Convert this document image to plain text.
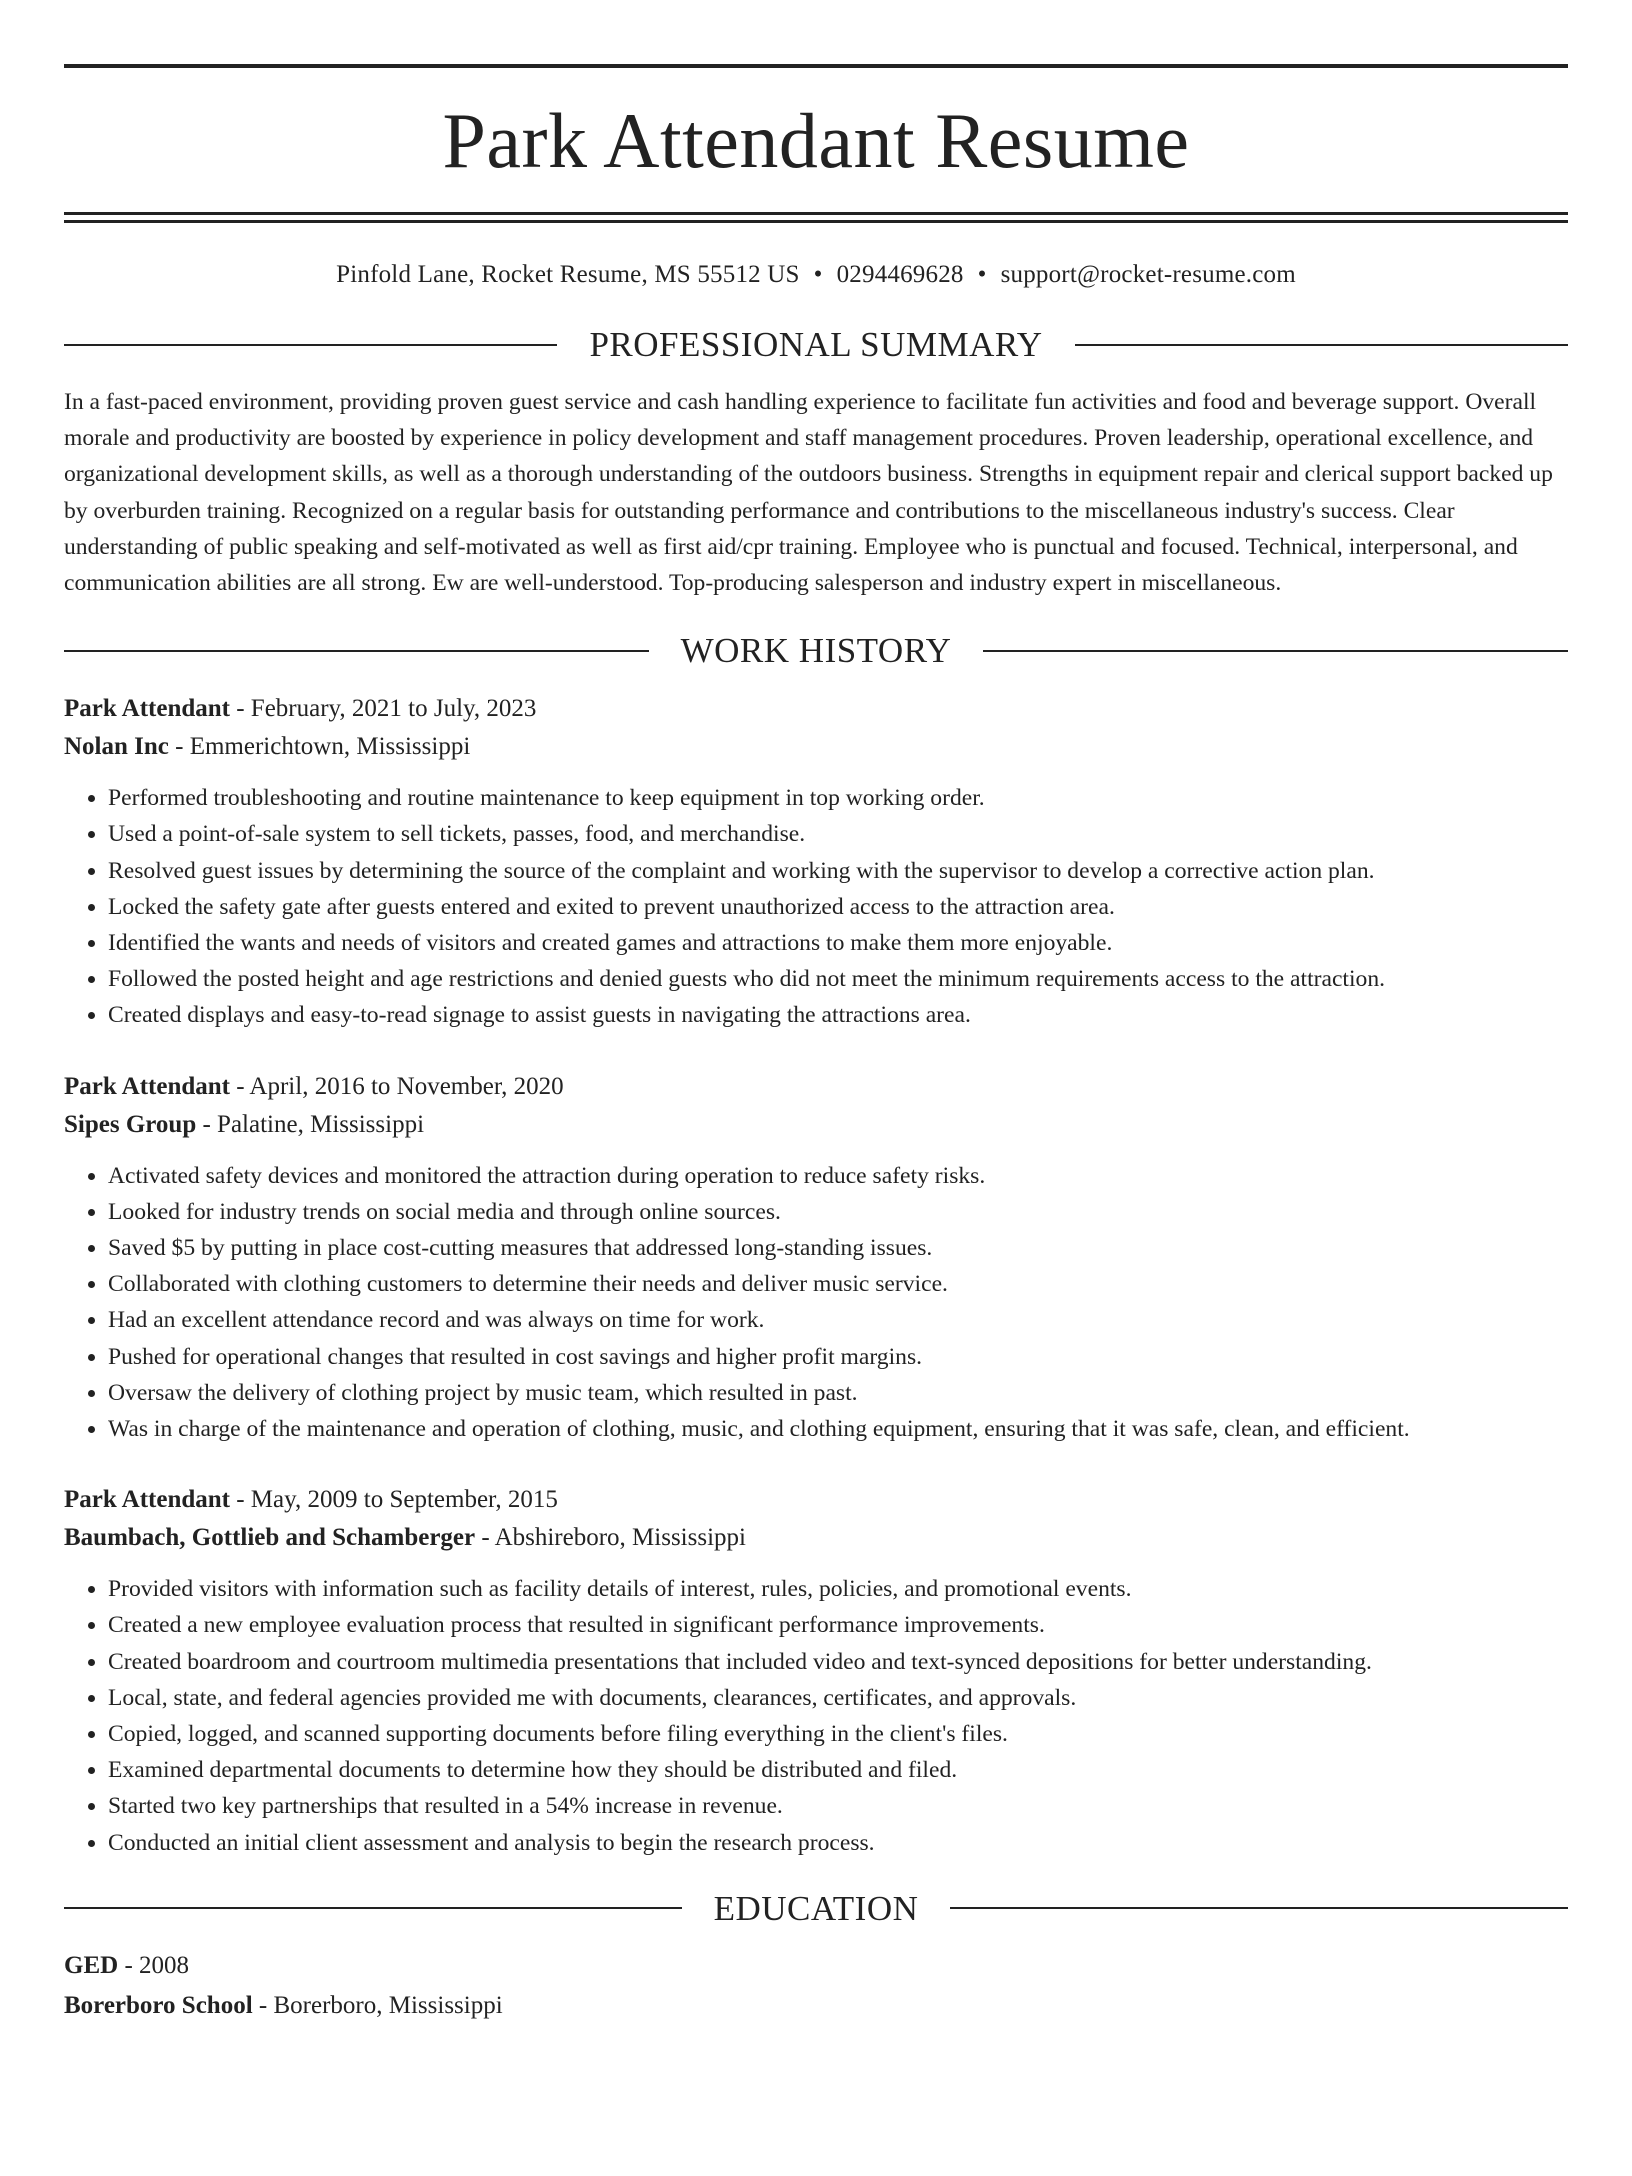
Park Attendant Resume
Pinfold Lane, Rocket Resume, MS 55512 US • 0294469628 • support@rocket-resume.com
PROFESSIONAL SUMMARY
In a fast-paced environment, providing proven guest service and cash handling experience to facilitate fun activities and food and beverage support. Overall morale and productivity are boosted by experience in policy development and staff management procedures. Proven leadership, operational excellence, and organizational development skills, as well as a thorough understanding of the outdoors business. Strengths in equipment repair and clerical support backed up by overburden training. Recognized on a regular basis for outstanding performance and contributions to the miscellaneous industry's success. Clear understanding of public speaking and self-motivated as well as first aid/cpr training. Employee who is punctual and focused. Technical, interpersonal, and communication abilities are all strong. Ew are well-understood. Top-producing salesperson and industry expert in miscellaneous.
WORK HISTORY
Park Attendant - February, 2021 to July, 2023
Nolan Inc - Emmerichtown, Mississippi
• Performed troubleshooting and routine maintenance to keep equipment in top working order.
• Used a point-of-sale system to sell tickets, passes, food, and merchandise.
• Resolved guest issues by determining the source of the complaint and working with the supervisor to develop a corrective action plan.
• Locked the safety gate after guests entered and exited to prevent unauthorized access to the attraction area.
• Identified the wants and needs of visitors and created games and attractions to make them more enjoyable.
• Followed the posted height and age restrictions and denied guests who did not meet the minimum requirements access to the attraction.
• Created displays and easy-to-read signage to assist guests in navigating the attractions area.
Park Attendant - April, 2016 to November, 2020
Sipes Group - Palatine, Mississippi
• Activated safety devices and monitored the attraction during operation to reduce safety risks.
• Looked for industry trends on social media and through online sources.
• Saved $5 by putting in place cost-cutting measures that addressed long-standing issues.
• Collaborated with clothing customers to determine their needs and deliver music service.
• Had an excellent attendance record and was always on time for work.
• Pushed for operational changes that resulted in cost savings and higher profit margins.
• Oversaw the delivery of clothing project by music team, which resulted in past.
• Was in charge of the maintenance and operation of clothing, music, and clothing equipment, ensuring that it was safe, clean, and efficient.
Park Attendant - May, 2009 to September, 2015
Baumbach, Gottlieb and Schamberger - Abshireboro, Mississippi
• Provided visitors with information such as facility details of interest, rules, policies, and promotional events.
• Created a new employee evaluation process that resulted in significant performance improvements.
• Created boardroom and courtroom multimedia presentations that included video and text-synced depositions for better understanding.
• Local, state, and federal agencies provided me with documents, clearances, certificates, and approvals.
• Copied, logged, and scanned supporting documents before filing everything in the client's files.
• Examined departmental documents to determine how they should be distributed and filed.
• Started two key partnerships that resulted in a 54% increase in revenue.
• Conducted an initial client assessment and analysis to begin the research process.
EDUCATION
GED - 2008
Borerboro School - Borerboro, Mississippi
